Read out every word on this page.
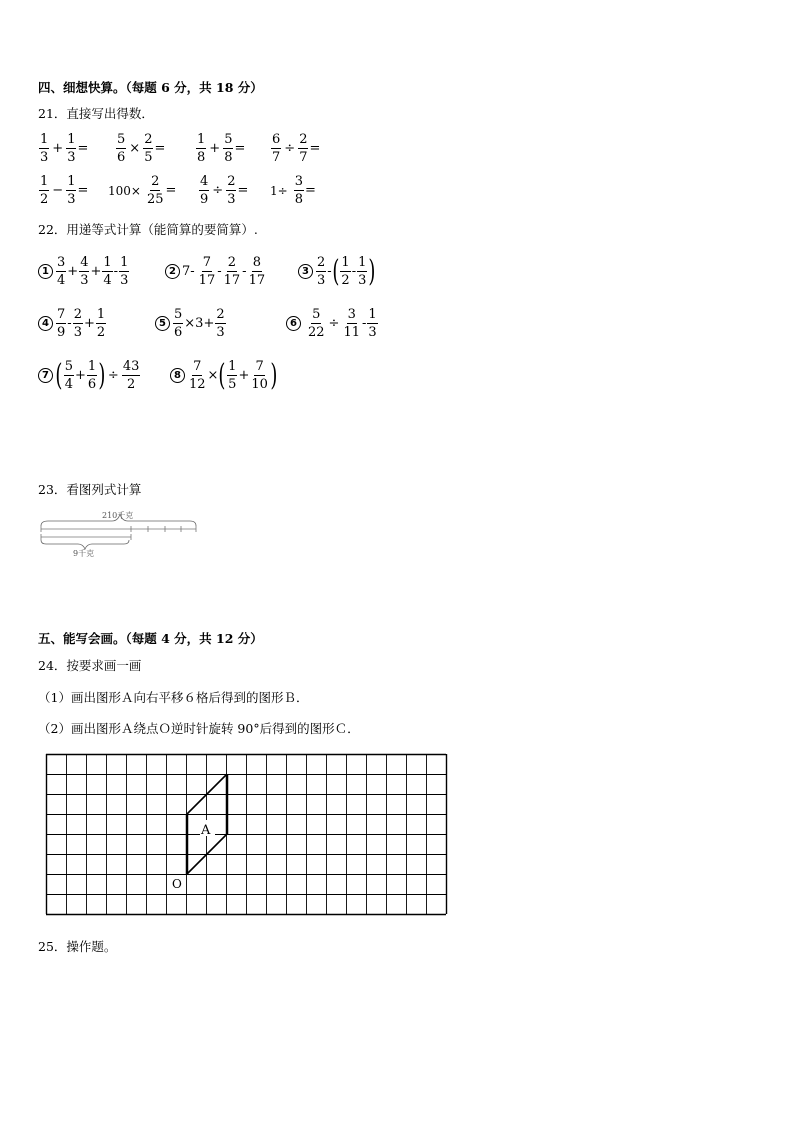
四、细想快算。（每题 6 分，共 18 分）
21．直接写出得数．
$\frac{1}{3} + \frac{1}{3} = \frac{5}{6} \times \frac{2}{5} = \frac{1}{8} + \frac{5}{8} = \frac{6}{7} \div \frac{2}{7}$ =
$\frac{1}{2} - \frac{1}{3} = 100\times \frac{2}{25} = \frac{4}{9} \div \frac{2}{3} = 1\div \frac{3}{8}$ =
22．用递等式计算（能简算的要简算）.
$1 \frac{3}{4} + \frac{4}{3} + \frac{1}{4} - \frac{1}{3}$	2 $7- \frac{7}{17} - \frac{2}{17} - \frac{8}{17}$	$3 \frac{2}{3}$ - ( $\frac{1}{2} - \frac{1}{3}$ )
$4 \frac{7}{9} - \frac{2}{3} + \frac{1}{2}$	$5 \frac{5}{6} \times 3+ \frac{2}{3}$	$6 \frac{5}{22} \div \frac{3}{11} - \frac{1}{3}$
7 ( $\frac{5}{4} + \frac{1}{6}$ ) ÷ $\frac{43}{2}$	$8 \frac{7}{12}$ × ( $\frac{1}{5} + \frac{7}{10}$ )
23．看图列式计算
210千克
9千克
五、能写会画。（每题 4 分，共 12 分）
24．按要求画一画
（1）画出图形Ａ向右平移６格后得到的图形Ｂ．
（2）画出图形Ａ绕点Ｏ逆时针旋转 90°后得到的图形Ｃ．
A
O
25．操作题。
